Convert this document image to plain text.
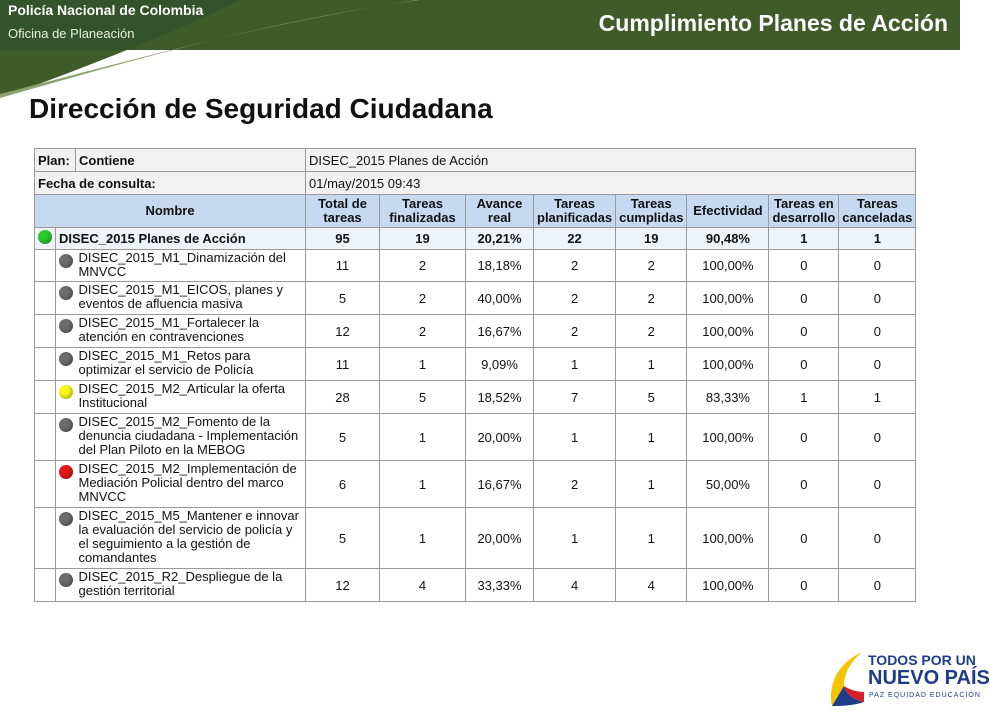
Policía Nacional de Colombia
Oficina de Planeación	Cumplimiento Planes de Acción
Dirección de Seguridad Ciudadana
Plan:		Contiene	DISEC_2015 Planes de Acción							
Fecha de consulta:			01/may/2015 09:43							
Nombre			Total de tareas	Tareas finalizadas	Avance real	Tareas planificadas	Tareas cumplidas	Efectividad	Tareas en desarrollo	Tareas canceladas
	DISEC_2015 Planes de Acción		95	19	20,21%	22	19	90,48%	1	1
		DISEC_2015_M1_Dinamización del MNVCC	11	2	18,18%	2	2	100,00%	0	0
		DISEC_2015_M1_EICOS, planes y eventos de afluencia masiva	5	2	40,00%	2	2	100,00%	0	0
		DISEC_2015_M1_Fortalecer la atención en contravenciones	12	2	16,67%	2	2	100,00%	0	0
		DISEC_2015_M1_Retos para optimizar el servicio de Policía	11	1	9,09%	1	1	100,00%	0	0
		DISEC_2015_M2_Articular la oferta Institucional	28	5	18,52%	7	5	83,33%	1	1
		DISEC_2015_M2_Fomento de la denuncia ciudadana - Implementación del Plan Piloto en la MEBOG	5	1	20,00%	1	1	100,00%	0	0
		DISEC_2015_M2_Implementación de Mediación Policial dentro del marco MNVCC	6	1	16,67%	2	1	50,00%	0	0
		DISEC_2015_M5_Mantener e innovar la evaluación del servicio de policía y el seguimiento a la gestión de comandantes	5	1	20,00%	1	1	100,00%	0	0
		DISEC_2015_R2_Despliegue de la gestión territorial	12	4	33,33%	4	4	100,00%	0	0
TODOS POR UN
NUEVO PAÍS
PAZ EQUIDAD EDUCACIÓN
